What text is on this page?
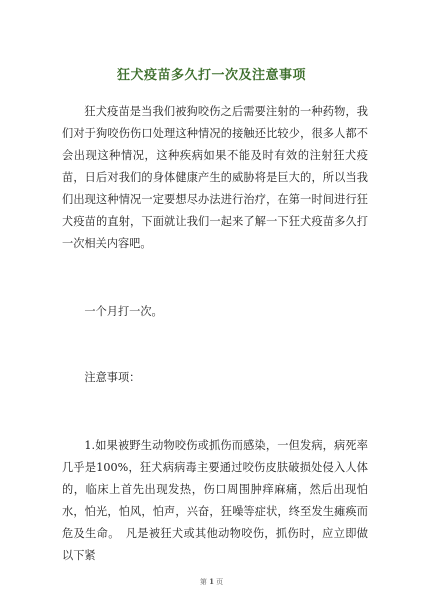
狂犬疫苗多久打一次及注意事项

狂犬疫苗是当我们被狗咬伤之后需要注射的一种药物，我们对于狗咬伤伤口处理这种情况的接触还比较少，很多人都不会出现这种情况，这种疾病如果不能及时有效的注射狂犬疫苗，日后对我们的身体健康产生的威胁将是巨大的，所以当我们出现这种情况一定要想尽办法进行治疗，在第一时间进行狂犬疫苗的直射，下面就让我们一起来了解一下狂犬疫苗多久打一次相关内容吧。

一个月打一次。

注意事项：

1.如果被野生动物咬伤或抓伤而感染，一但发病，病死率几乎是100%，狂犬病病毒主要通过咬伤皮肤破损处侵入人体的，临床上首先出现发热，伤口周围肿痒麻痛，然后出现怕水，怕光，怕风，怕声，兴奋，狂噪等症状，终至发生瘫痪而危及生命。　凡是被狂犬或其他动物咬伤，抓伤时，应立即做以下紧

第 1 页
